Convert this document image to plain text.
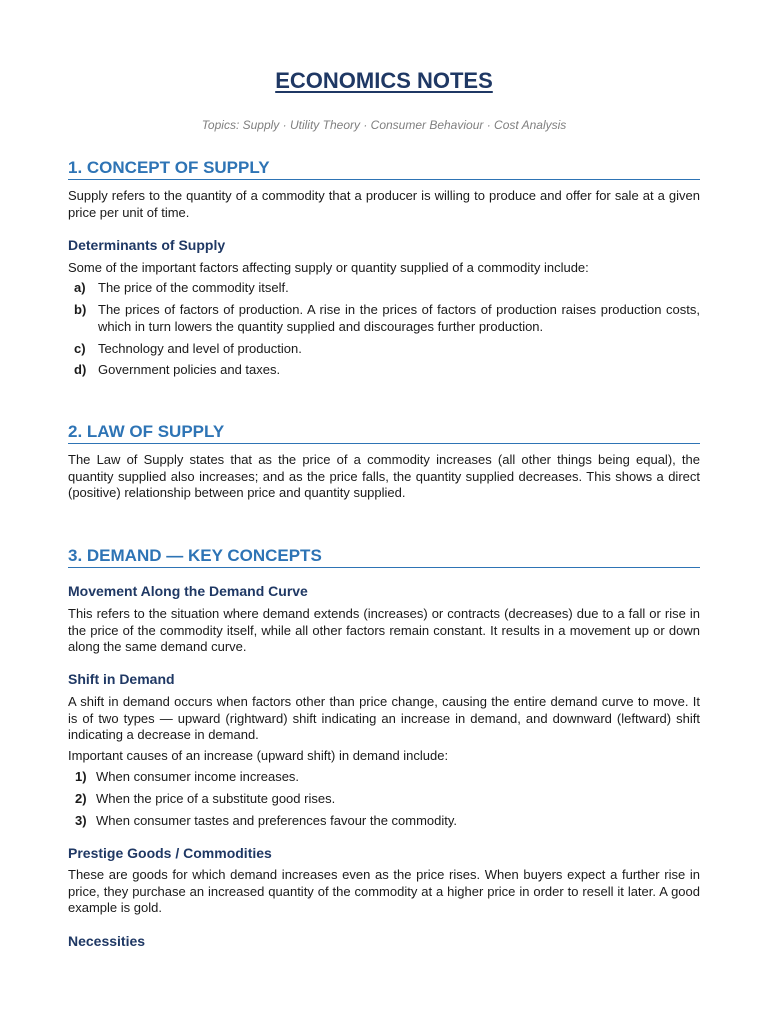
ECONOMICS NOTES

Topics: Supply · Utility Theory · Consumer Behaviour · Cost Analysis

1. CONCEPT OF SUPPLY

Supply refers to the quantity of a commodity that a producer is willing to produce and offer for sale at a given price per unit of time.

Determinants of Supply

Some of the important factors affecting supply or quantity supplied of a commodity include:

a) The price of the commodity itself.
b) The prices of factors of production. A rise in the prices of factors of production raises production costs, which in turn lowers the quantity supplied and discourages further production.
c) Technology and level of production.
d) Government policies and taxes.
2. LAW OF SUPPLY

The Law of Supply states that as the price of a commodity increases (all other things being equal), the quantity supplied also increases; and as the price falls, the quantity supplied decreases. This shows a direct (positive) relationship between price and quantity supplied.

3. DEMAND — KEY CONCEPTS
Movement Along the Demand Curve

This refers to the situation where demand extends (increases) or contracts (decreases) due to a fall or rise in the price of the commodity itself, while all other factors remain constant. It results in a movement up or down along the same demand curve.

Shift in Demand

A shift in demand occurs when factors other than price change, causing the entire demand curve to move. It is of two types — upward (rightward) shift indicating an increase in demand, and downward (leftward) shift indicating a decrease in demand.

Important causes of an increase (upward shift) in demand include:

1) When consumer income increases.
2) When the price of a substitute good rises.
3) When consumer tastes and preferences favour the commodity.
Prestige Goods / Commodities

These are goods for which demand increases even as the price rises. When buyers expect a further rise in price, they purchase an increased quantity of the commodity at a higher price in order to resell it later. A good example is gold.

Necessities
